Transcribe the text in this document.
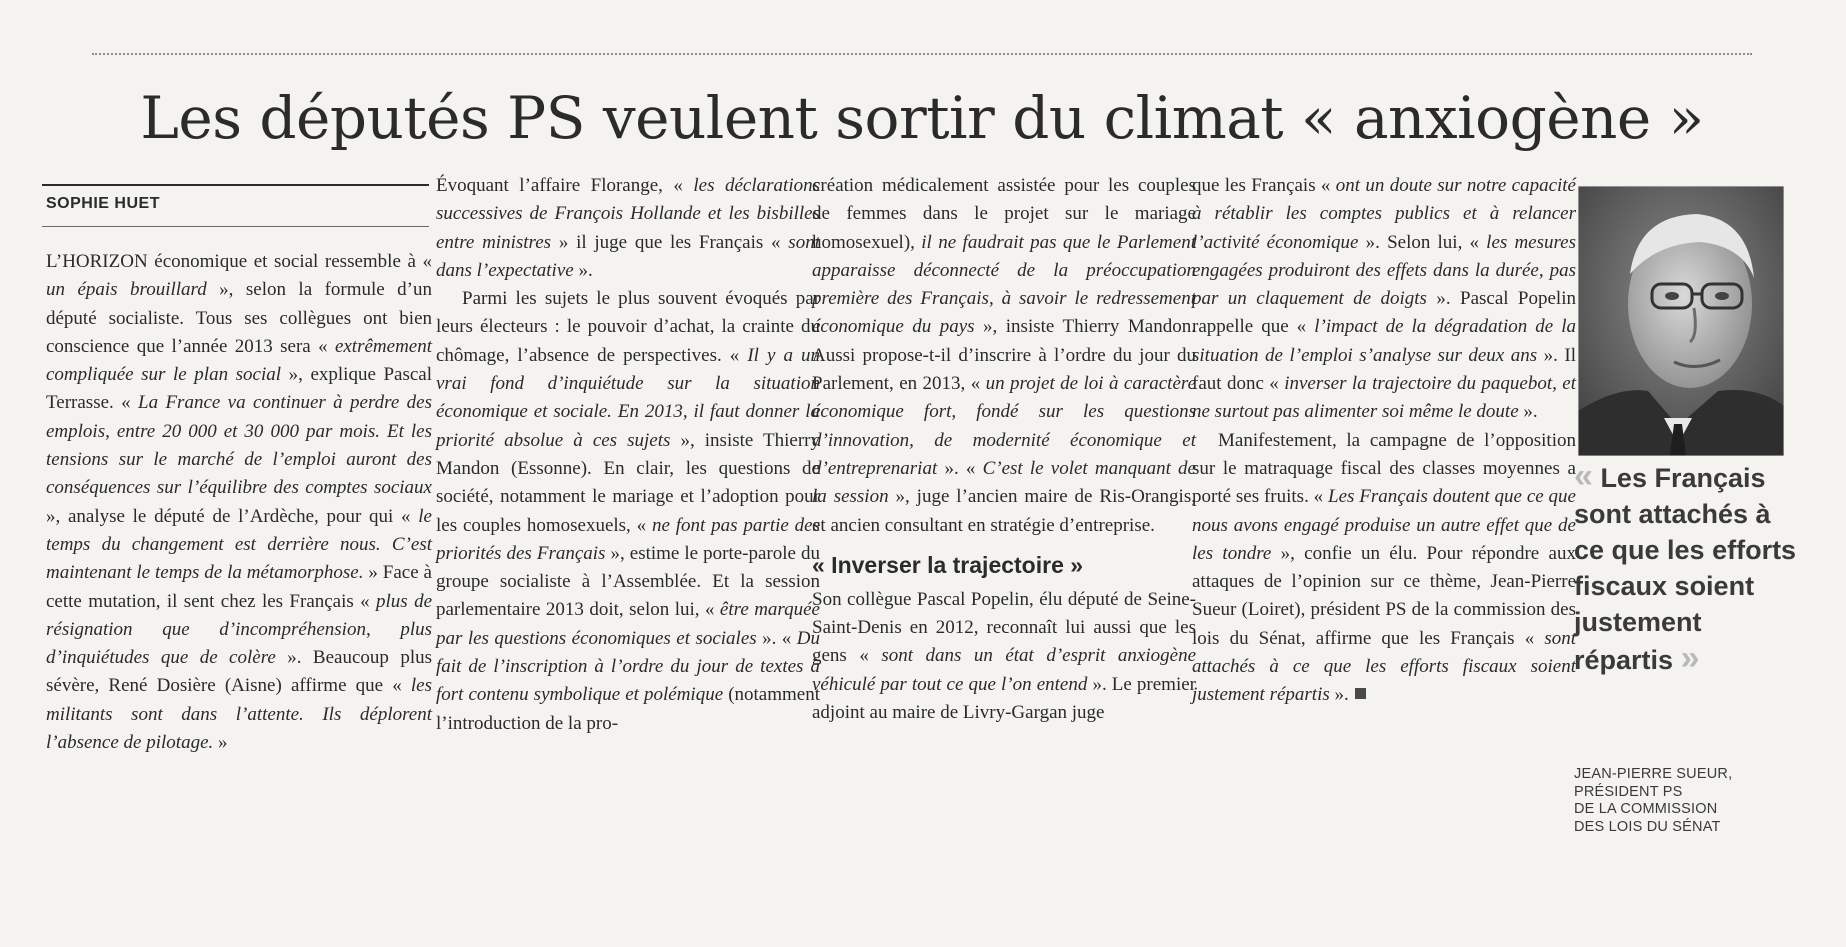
Les députés PS veulent sortir du climat « anxiogène »
SOPHIE HUET

L’HORIZON économique et social ressemble à « un épais brouillard », selon la formule d’un député socialiste. Tous ses collègues ont bien conscience que l’année 2013 sera « extrêmement compliquée sur le plan social », explique Pascal Terrasse. « La France va continuer à perdre des emplois, entre 20 000 et 30 000 par mois. Et les tensions sur le marché de l’emploi auront des conséquences sur l’équilibre des comptes sociaux », analyse le député de l’Ardèche, pour qui « le temps du changement est derrière nous. C’est maintenant le temps de la métamorphose. » Face à cette mutation, il sent chez les Français « plus de résignation que d’incompréhension, plus d’inquiétudes que de colère ». Beaucoup plus sévère, René Dosière (Aisne) affirme que « les militants sont dans l’attente. Ils déplorent l’absence de pilotage. »

Évoquant l’affaire Florange, « les déclarations successives de François Hollande et les bisbilles entre ministres » il juge que les Français « sont dans l’expectative ».

Parmi les sujets le plus souvent évoqués par leurs électeurs : le pouvoir d’achat, la crainte du chômage, l’absence de perspectives. « Il y a un vrai fond d’inquiétude sur la situation économique et sociale. En 2013, il faut donner la priorité absolue à ces sujets », insiste Thierry Mandon (Essonne). En clair, les questions de société, notamment le mariage et l’adoption pour les couples homosexuels, « ne font pas partie des priorités des Français », estime le porte-parole du groupe socialiste à l’Assemblée. Et la session parlementaire 2013 doit, selon lui, « être marquée par les questions économiques et sociales ». « Du fait de l’inscription à l’ordre du jour de textes à fort contenu symbolique et polémique (notamment l’introduction de la pro-

création médicalement assistée pour les couples de femmes dans le projet sur le mariage homosexuel), il ne faudrait pas que le Parlement apparaisse déconnecté de la préoccupation première des Français, à savoir le redressement économique du pays », insiste Thierry Mandon. Aussi propose-t-il d’inscrire à l’ordre du jour du Parlement, en 2013, « un projet de loi à caractère économique fort, fondé sur les questions d’innovation, de modernité économique et d’entreprenariat ». « C’est le volet manquant de la session », juge l’ancien maire de Ris-Orangis, et ancien consultant en stratégie d’entreprise.

« Inverser la trajectoire »

Son collègue Pascal Popelin, élu député de Seine-Saint-Denis en 2012, reconnaît lui aussi que les gens « sont dans un état d’esprit anxiogène véhiculé par tout ce que l’on entend ». Le premier adjoint au maire de Livry-Gargan juge

que les Français « ont un doute sur notre capacité à rétablir les comptes publics et à relancer l’activité économique ». Selon lui, « les mesures engagées produiront des effets dans la durée, pas par un claquement de doigts ». Pascal Popelin rappelle que « l’impact de la dégradation de la situation de l’emploi s’analyse sur deux ans ». Il faut donc « inverser la trajectoire du paquebot, et ne surtout pas alimenter soi même le doute ».

Manifestement, la campagne de l’opposition sur le matraquage fiscal des classes moyennes a porté ses fruits. « Les Français doutent que ce que nous avons engagé produise un autre effet que de les tondre », confie un élu. Pour répondre aux attaques de l’opinion sur ce thème, Jean-Pierre Sueur (Loiret), président PS de la commission des lois du Sénat, affirme que les Français « sont attachés à ce que les efforts fiscaux soient justement répartis ».

« Les Français sont attachés à ce que les efforts fiscaux soient justement répartis »

JEAN-PIERRE SUEUR,
PRÉSIDENT PS
DE LA COMMISSION
DES LOIS DU SÉNAT
